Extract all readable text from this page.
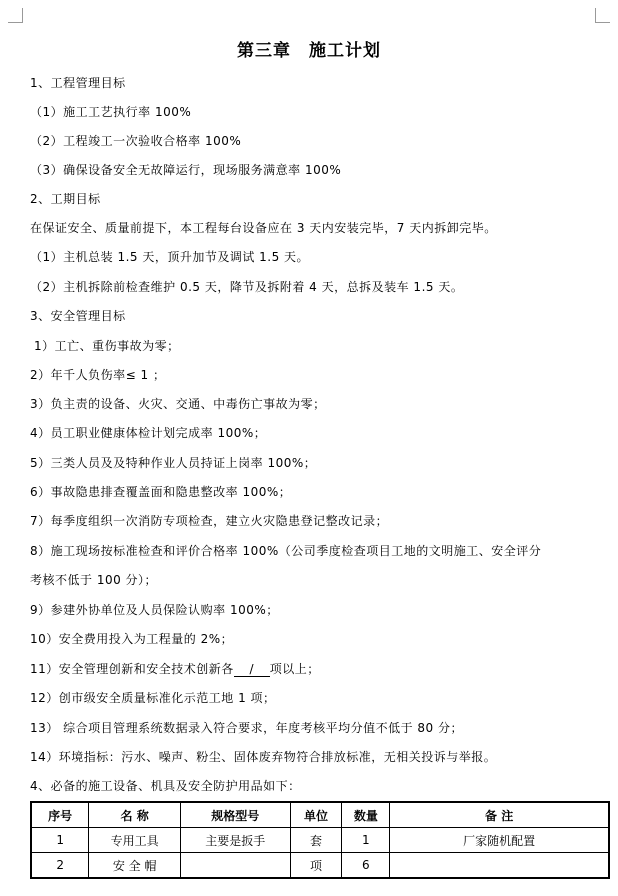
第三章 施工计划
1、工程管理目标
（1）施工工艺执行率 100%
（2）工程竣工一次验收合格率 100%
（3）确保设备安全无故障运行，现场服务满意率 100%
2、工期目标
在保证安全、质量前提下，本工程每台设备应在 3 天内安装完毕，7 天内拆卸完毕。
（1）主机总装 1.5 天，顶升加节及调试 1.5 天。
（2）主机拆除前检查维护 0.5 天，降节及拆附着 4 天，总拆及装车 1.5 天。
3、安全管理目标
1）工亡、重伤事故为零；
2）年千人负伤率≤ 1 ；
3）负主责的设备、火灾、交通、中毒伤亡事故为零；
4）员工职业健康体检计划完成率 100%；
5）三类人员及及特种作业人员持证上岗率 100%；
6）事故隐患排查覆盖面和隐患整改率 100%；
7）每季度组织一次消防专项检查，建立火灾隐患登记整改记录；
8）施工现场按标准检查和评价合格率 100%（公司季度检查项目工地的文明施工、安全评分
考核不低于 100 分）；
9）参建外协单位及人员保险认购率 100%；
10）安全费用投入为工程量的 2%；
11）安全管理创新和安全技术创新各 / 项以上；
12）创市级安全质量标准化示范工地 1 项；
13） 综合项目管理系统数据录入符合要求，年度考核平均分值不低于 80 分；
14）环境指标：污水、噪声、粉尘、固体废弃物符合排放标准，无相关投诉与举报。
4、必备的施工设备、机具及安全防护用品如下：
序号	名 称	规格型号	单位	数量	备 注
1	专用工具	主要是扳手	套	1	厂家随机配置
2	安 全 帽		项	6	
